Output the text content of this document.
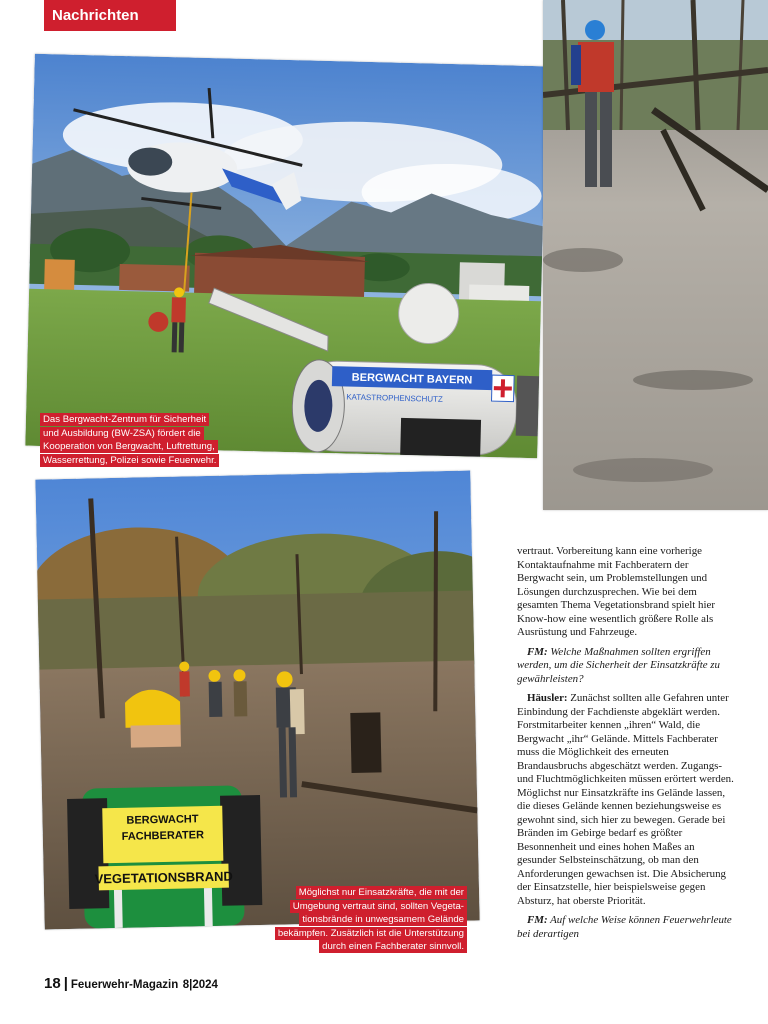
Nachrichten
BERGWACHT BAYERN
KATASTROPHENSCHUTZ
Das Bergwacht-Zentrum für Sicherheit
und Ausbildung (BW-ZSA) fördert die
Kooperation von Bergwacht, Luftrettung,
Wasserrettung, Polizei sowie Feuerwehr.
BERGWACHT
FACHBERATER
VEGETATIONSBRAND
Möglichst nur Einsatzkräfte, die mit der
Umgebung vertraut sind, sollten Vegeta-
tionsbrände in unwegsamem Gelände
bekämpfen. Zusätzlich ist die Unterstützung
durch einen Fachberater sinnvoll.

vertraut. Vorbereitung kann eine vorherige Kontaktaufnahme mit Fachberatern der Bergwacht sein, um Problemstellungen und Lösungen durchzusprechen. Wie bei dem gesamten Thema Vegetationsbrand spielt hier Know-how eine wesentlich größere Rolle als Ausrüstung und Fahrzeuge.

FM: Welche Maßnahmen sollten ergriffen werden, um die Sicherheit der Einsatzkräfte zu gewährleisten?

Häusler: Zunächst sollten alle Gefahren unter Einbindung der Fachdienste abgeklärt werden. Forstmitarbeiter kennen „ihren“ Wald, die Bergwacht „ihr“ Gelände. Mittels Fachberater muss die Möglichkeit des erneuten Brandausbruchs abgeschätzt werden. Zugangs- und Fluchtmöglichkeiten müssen erörtert werden. Möglichst nur Einsatzkräfte ins Gelände lassen, die dieses Gelände kennen beziehungsweise es gewohnt sind, sich hier zu bewegen. Gerade bei Bränden im Gebirge bedarf es größter Besonnenheit und eines hohen Maßes an gesunder Selbsteinschätzung, ob man den Anforderungen gewachsen ist. Die Absicherung der Einsatzstelle, hier beispielsweise gegen Absturz, hat oberste Priorität.

FM: Auf welche Weise können Feuerwehrleute bei derartigen

18 | Feuerwehr-Magazin 8|2024
